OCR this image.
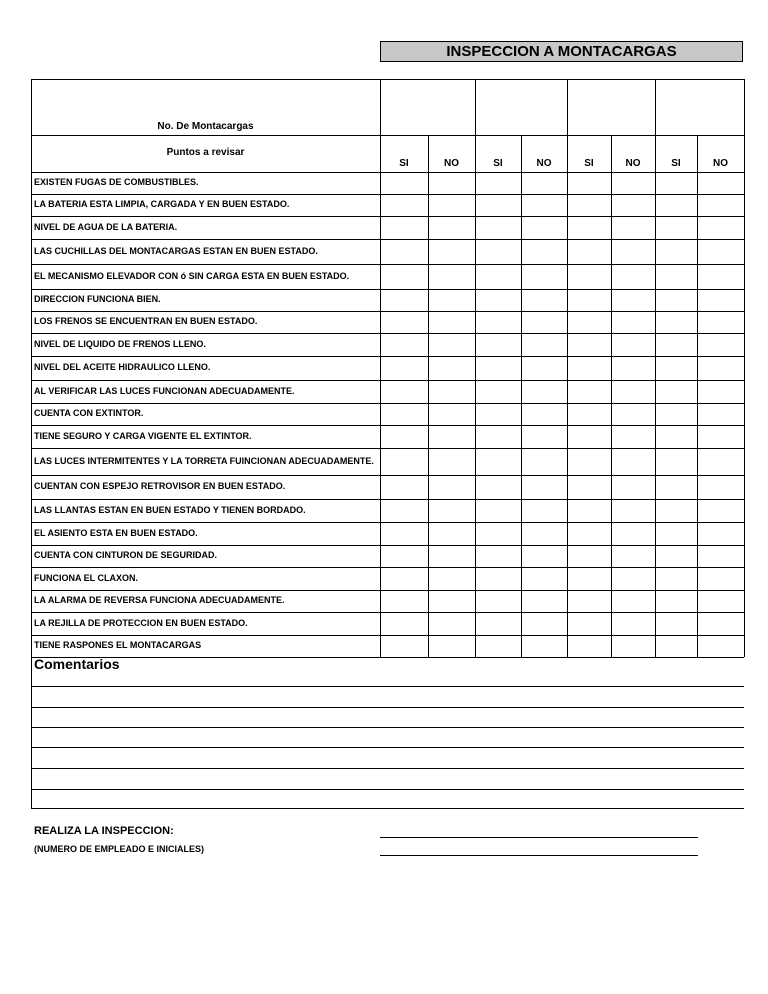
INSPECCION A MONTACARGAS
No. De Montacargas
Puntos a revisar
Comentarios
SI	NO	SI	NO	SI	NO	SI	NO
EXISTEN FUGAS DE COMBUSTIBLES.
LA BATERIA ESTA LIMPIA, CARGADA Y EN BUEN ESTADO.
NIVEL DE AGUA DE LA BATERIA.
LAS CUCHILLAS DEL MONTACARGAS ESTAN EN BUEN ESTADO.
EL MECANISMO ELEVADOR CON ó SIN CARGA ESTA EN BUEN ESTADO.
DIRECCION FUNCIONA BIEN.
LOS FRENOS SE ENCUENTRAN EN BUEN ESTADO.
NIVEL DE LIQUIDO DE FRENOS LLENO.
NIVEL DEL ACEITE HIDRAULICO LLENO.
AL VERIFICAR LAS LUCES FUNCIONAN ADECUADAMENTE.
CUENTA CON EXTINTOR.
TIENE SEGURO Y CARGA VIGENTE EL EXTINTOR.
LAS LUCES INTERMITENTES Y LA TORRETA FUINCIONAN ADECUADAMENTE.
CUENTAN CON ESPEJO RETROVISOR EN BUEN ESTADO.
LAS LLANTAS ESTAN EN BUEN ESTADO Y TIENEN BORDADO.
EL ASIENTO ESTA EN BUEN ESTADO.
CUENTA CON CINTURON DE SEGURIDAD.
FUNCIONA EL CLAXON.
LA ALARMA DE REVERSA FUNCIONA ADECUADAMENTE.
LA REJILLA DE PROTECCION EN BUEN ESTADO.
TIENE RASPONES EL MONTACARGAS
REALIZA LA INSPECCION:
(NUMERO DE EMPLEADO E INICIALES)
